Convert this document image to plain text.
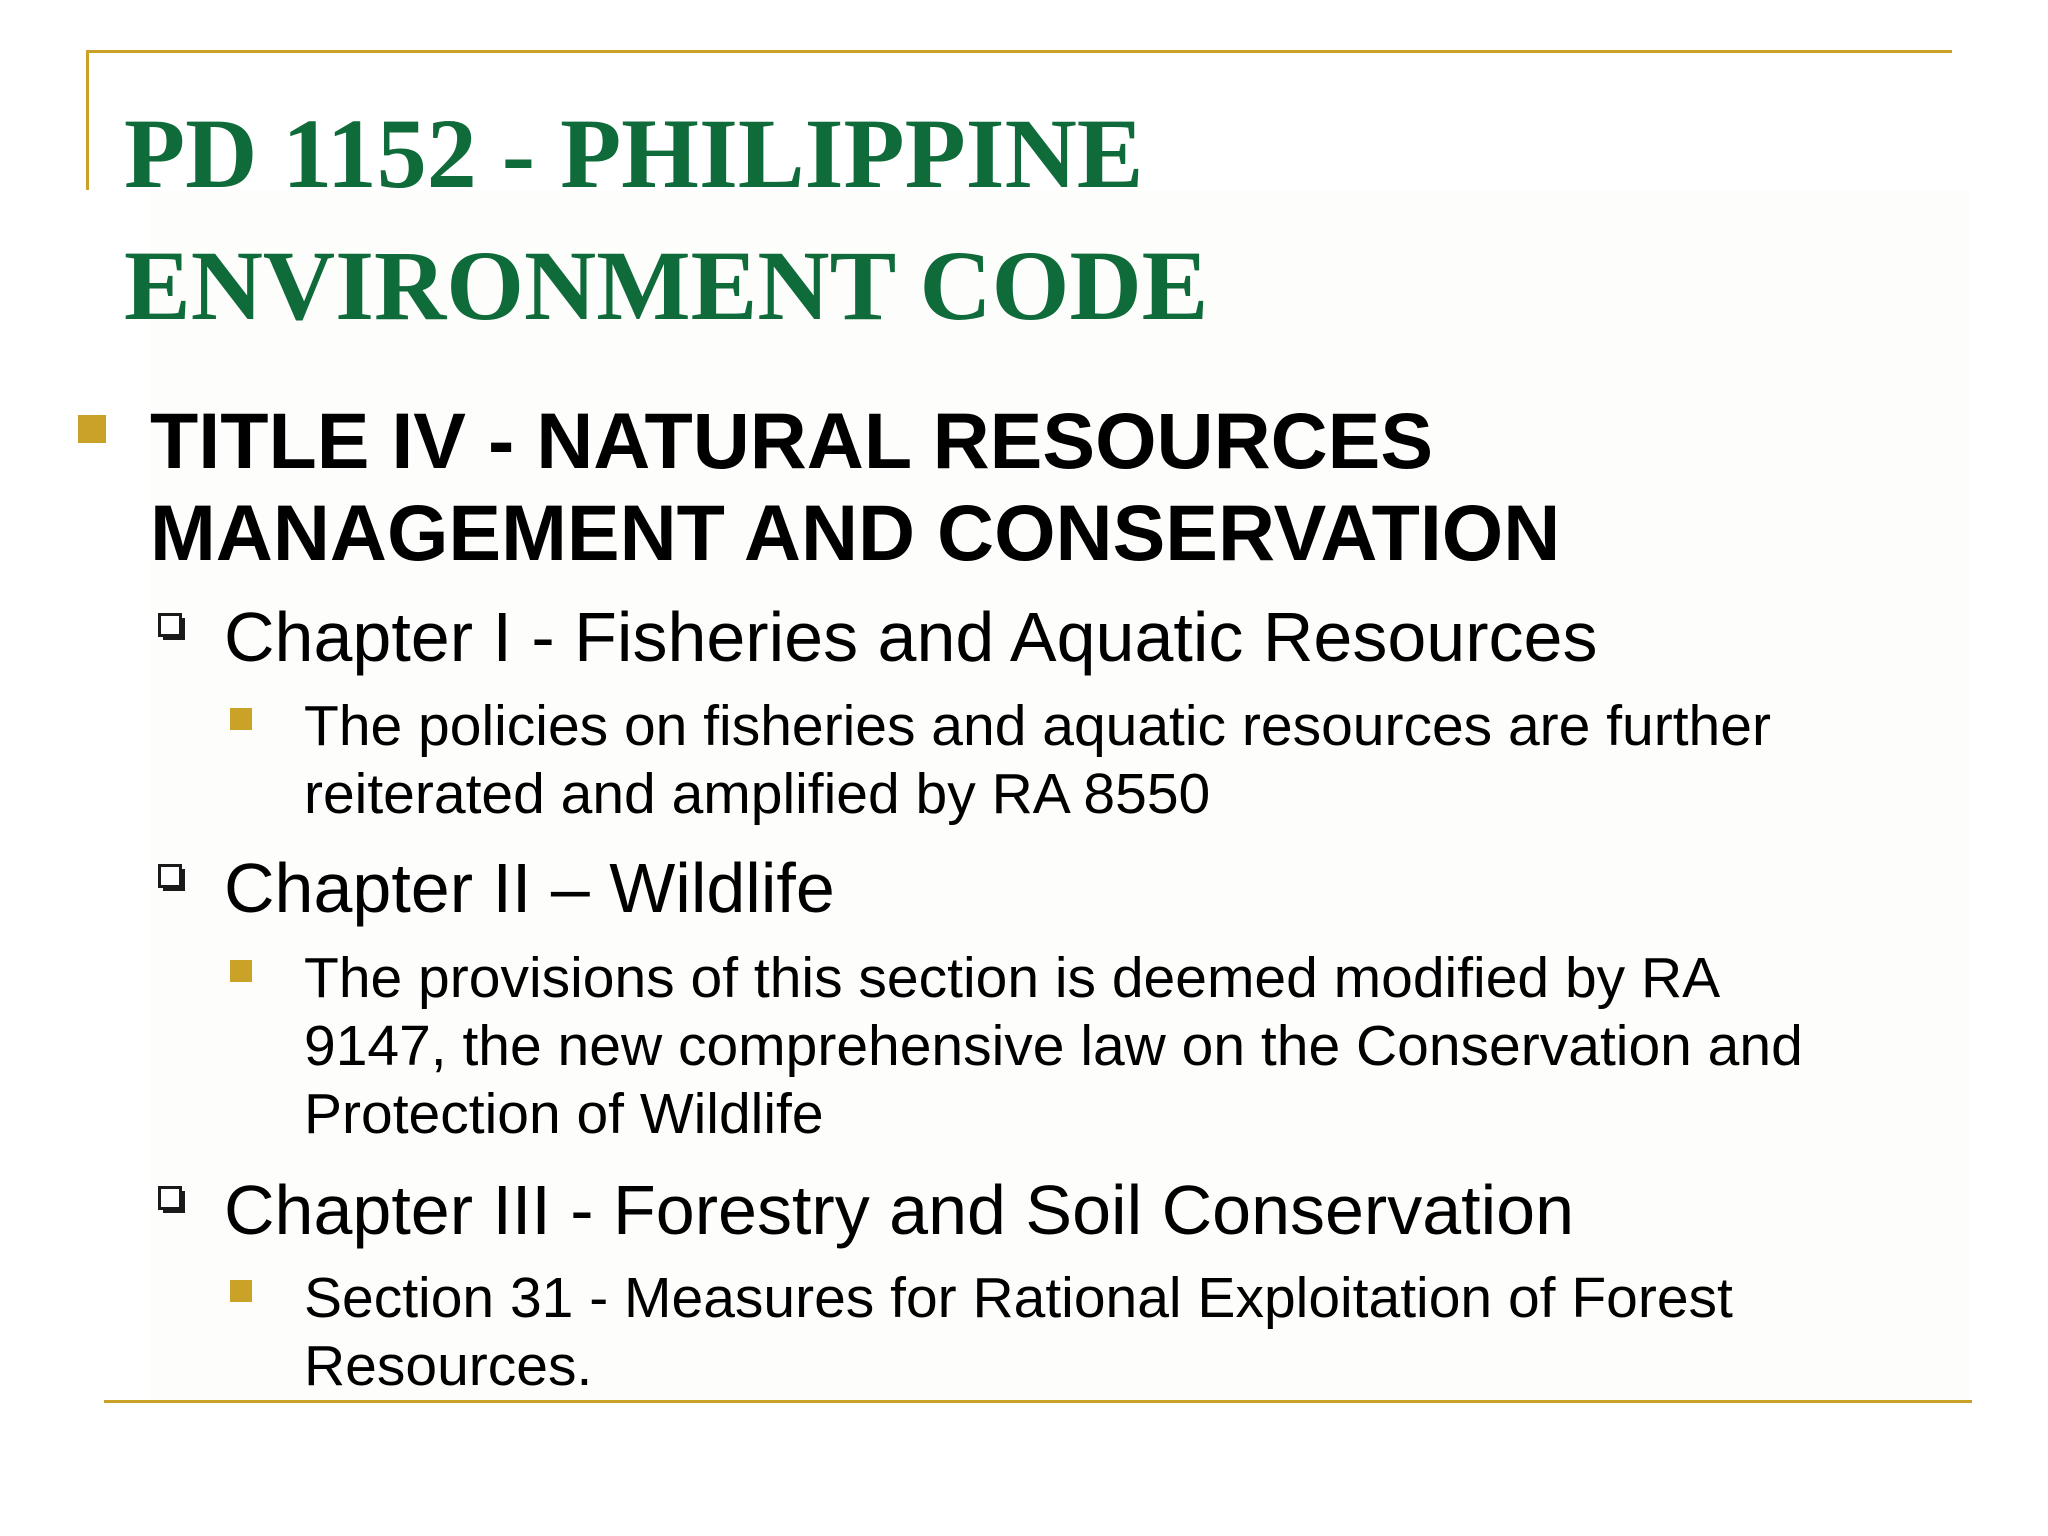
PD 1152 - PHILIPPINE
ENVIRONMENT CODE
TITLE IV - NATURAL RESOURCES
MANAGEMENT AND CONSERVATION
Chapter I - Fisheries and Aquatic Resources
The policies on fisheries and aquatic resources are further
reiterated and amplified by RA 8550
Chapter II – Wildlife
The provisions of this section is deemed modified by RA
9147, the new comprehensive law on the Conservation and
Protection of Wildlife
Chapter III - Forestry and Soil Conservation
Section 31 - Measures for Rational Exploitation of Forest
Resources.
